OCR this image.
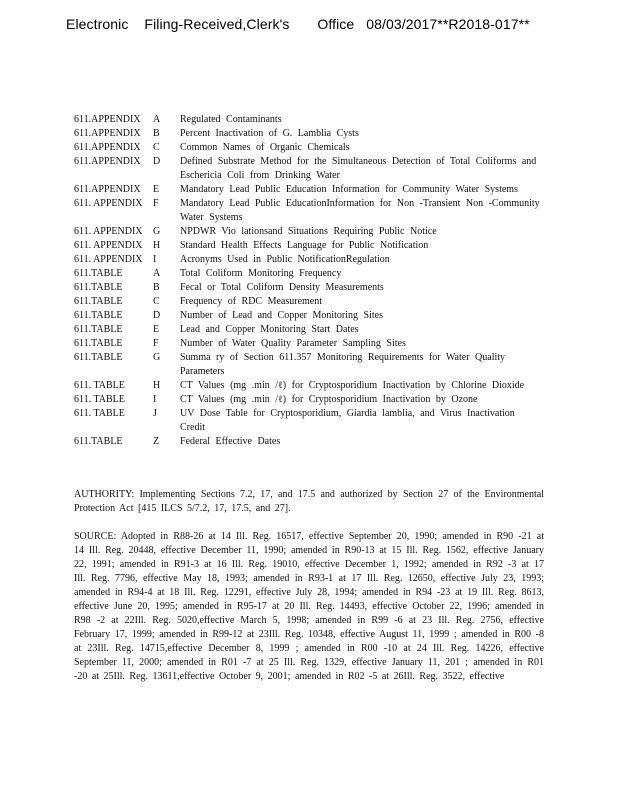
Electronic    Filing-Received,Clerk's       Office   08/03/2017**R2018-017**
611.APPENDIX	A	Regulated Contaminants
611.APPENDIX	B	Percent Inactivation of G. Lamblia Cysts
611.APPENDIX	C	Common Names of Organic Chemicals
611.APPENDIX	D	Defined Substrate Method for the Simultaneous Detection of Total Coliforms and Eschericia Coli from Drinking Water
611.APPENDIX	E	Mandatory Lead Public Education Information for Community Water Systems
611. APPENDIX	F	Mandatory Lead Public EducationInformation for Non -Transient Non -Community Water Systems
611. APPENDIX	G	NPDWR Vio lationsand Situations Requiring Public Notice
611. APPENDIX	H	Standard Health Effects Language for Public Notification
611. APPENDIX	I	Acronyms Used in Public NotificationRegulation
611.TABLE	A	Total Coliform Monitoring Frequency
611.TABLE	B	Fecal or Total Coliform Density Measurements
611.TABLE	C	Frequency of RDC Measurement
611.TABLE	D	Number of Lead and Copper Monitoring Sites
611.TABLE	E	Lead and Copper Monitoring Start Dates
611.TABLE	F	Number of Water Quality Parameter Sampling Sites
611.TABLE	G	Summa ry of Section 611.357 Monitoring Requirements for Water Quality Parameters
611. TABLE	H	CT Values (mg .min /ℓ) for Cryptosporidium Inactivation by Chlorine Dioxide
611. TABLE	I	CT Values (mg .min /ℓ) for Cryptosporidium Inactivation by Ozone
611. TABLE	J	UV Dose Table for Cryptosporidium, Giardia lamblia, and Virus Inactivation Credit
611.TABLE	Z	Federal Effective Dates

AUTHORITY: Implementing Sections 7.2, 17, and 17.5 and authorized by Section 27 of the Environmental Protection Act [415 ILCS 5/7.2, 17, 17.5, and 27].

SOURCE: Adopted in R88-26 at 14 Ill. Reg. 16517, effective September 20, 1990; amended in R90 -21 at 14 Ill. Reg. 20448, effective December 11, 1990; amended in R90-13 at 15 Ill. Reg. 1562, effective January 22, 1991; amended in R91-3 at 16 Ill. Reg. 19010, effective December 1, 1992; amended in R92 -3 at 17 Ill. Reg. 7796, effective May 18, 1993; amended in R93-1 at 17 Ill. Reg. 12650, effective July 23, 1993; amended in R94-4 at 18 Ill. Reg. 12291, effective July 28, 1994; amended in R94 -23 at 19 Ill. Reg. 8613, effective June 20, 1995; amended in R95-17 at 20 Ill. Reg. 14493, effective October 22, 1996; amended in R98 -2 at 22Ill. Reg. 5020,effective March 5, 1998; amended in R99 -6 at 23 Ill. Reg. 2756, effective February 17, 1999; amended in R99-12 at 23Ill. Reg. 10348, effective August 11, 1999 ; amended in R00 -8 at 23Ill. Reg. 14715,effective December 8, 1999 ; amended in R00 -10 at 24 Ill. Reg. 14226, effective September 11, 2000; amended in R01 -7 at 25 Ill. Reg. 1329, effective January 11, 201 ; amended in R01 -20 at 25Ill. Reg. 13611,effective October 9, 2001; amended in R02 -5 at 26Ill. Reg. 3522, effective
